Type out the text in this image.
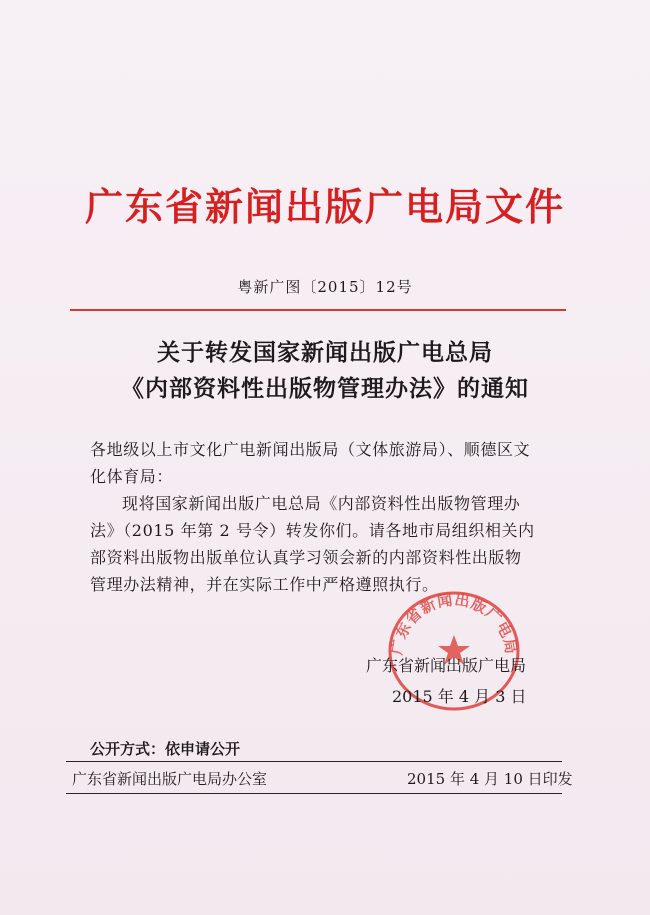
广东省新闻出版广电局文件
粤新广图〔2015〕12号
关于转发国家新闻出版广电总局
《内部资料性出版物管理办法》的通知
各地级以上市文化广电新闻出版局（文体旅游局）、顺德区文
化体育局：
现将国家新闻出版广电总局《内部资料性出版物管理办
法》（2015 年第 2 号令）转发你们。请各地市局组织相关内
部资料出版物出版单位认真学习领会新的内部资料性出版物
管理办法精神，并在实际工作中严格遵照执行。
广东省新闻出版广电局
广东省新闻出版广电局
2015 年 4 月 3 日
公开方式：依申请公开
广东省新闻出版广电局办公室	2015 年 4 月 10 日印发
